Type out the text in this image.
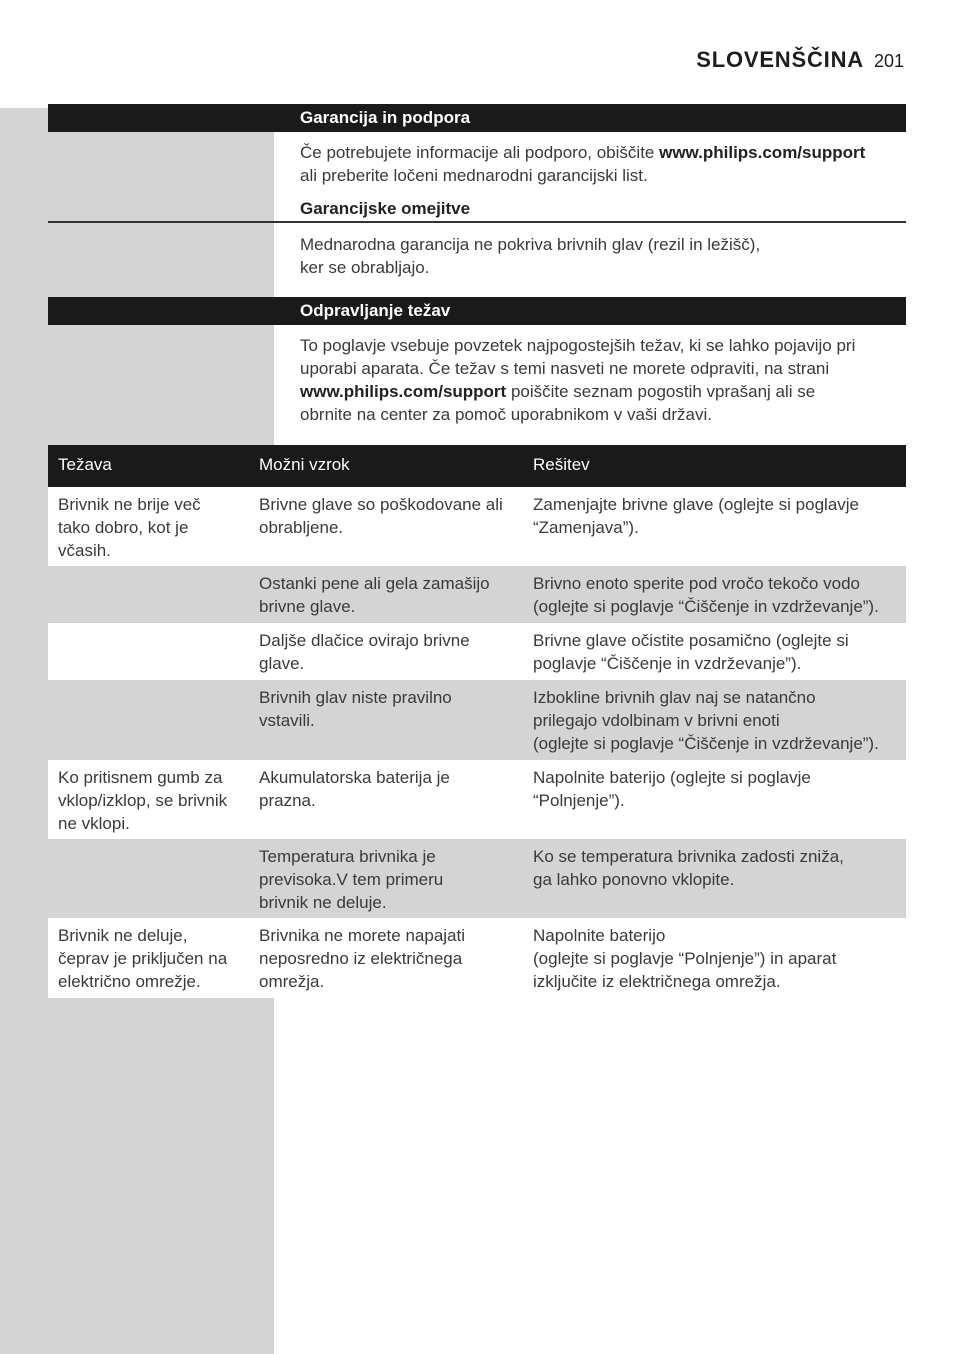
SLOVENŠČINA 201
Garancija in podpora
Če potrebujete informacije ali podporo, obiščite www.philips.com/support
ali preberite ločeni mednarodni garancijski list.
Garancijske omejitve
Mednarodna garancija ne pokriva brivnih glav (rezil in ležišč),
ker se obrabljajo.
Odpravljanje težav
To poglavje vsebuje povzetek najpogostejših težav, ki se lahko pojavijo pri
uporabi aparata. Če težav s temi nasveti ne morete odpraviti, na strani
www.philips.com/support poiščite seznam pogostih vprašanj ali se
obrnite na center za pomoč uporabnikom v vaši državi.
Težava	Možni vzrok	Rešitev
Brivnik ne brije več
tako dobro, kot je
včasih.
Brivne glave so poškodovane ali
obrabljene.
Zamenjajte brivne glave (oglejte si poglavje
“Zamenjava”).
Ostanki pene ali gela zamašijo
brivne glave.
Brivno enoto sperite pod vročo tekočo vodo
(oglejte si poglavje “Čiščenje in vzdrževanje”).
Daljše dlačice ovirajo brivne
glave.
Brivne glave očistite posamično (oglejte si
poglavje “Čiščenje in vzdrževanje”).
Brivnih glav niste pravilno
vstavili.
Izbokline brivnih glav naj se natančno
prilegajo vdolbinam v brivni enoti
(oglejte si poglavje “Čiščenje in vzdrževanje”).
Ko pritisnem gumb za
vklop/izklop, se brivnik
ne vklopi.
Akumulatorska baterija je
prazna.
Napolnite baterijo (oglejte si poglavje
“Polnjenje”).
Temperatura brivnika je
previsoka.V tem primeru
brivnik ne deluje.
Ko se temperatura brivnika zadosti zniža,
ga lahko ponovno vklopite.
Brivnik ne deluje,
čeprav je priključen na
električno omrežje.
Brivnika ne morete napajati
neposredno iz električnega
omrežja.
Napolnite baterijo
(oglejte si poglavje “Polnjenje”) in aparat
izključite iz električnega omrežja.
